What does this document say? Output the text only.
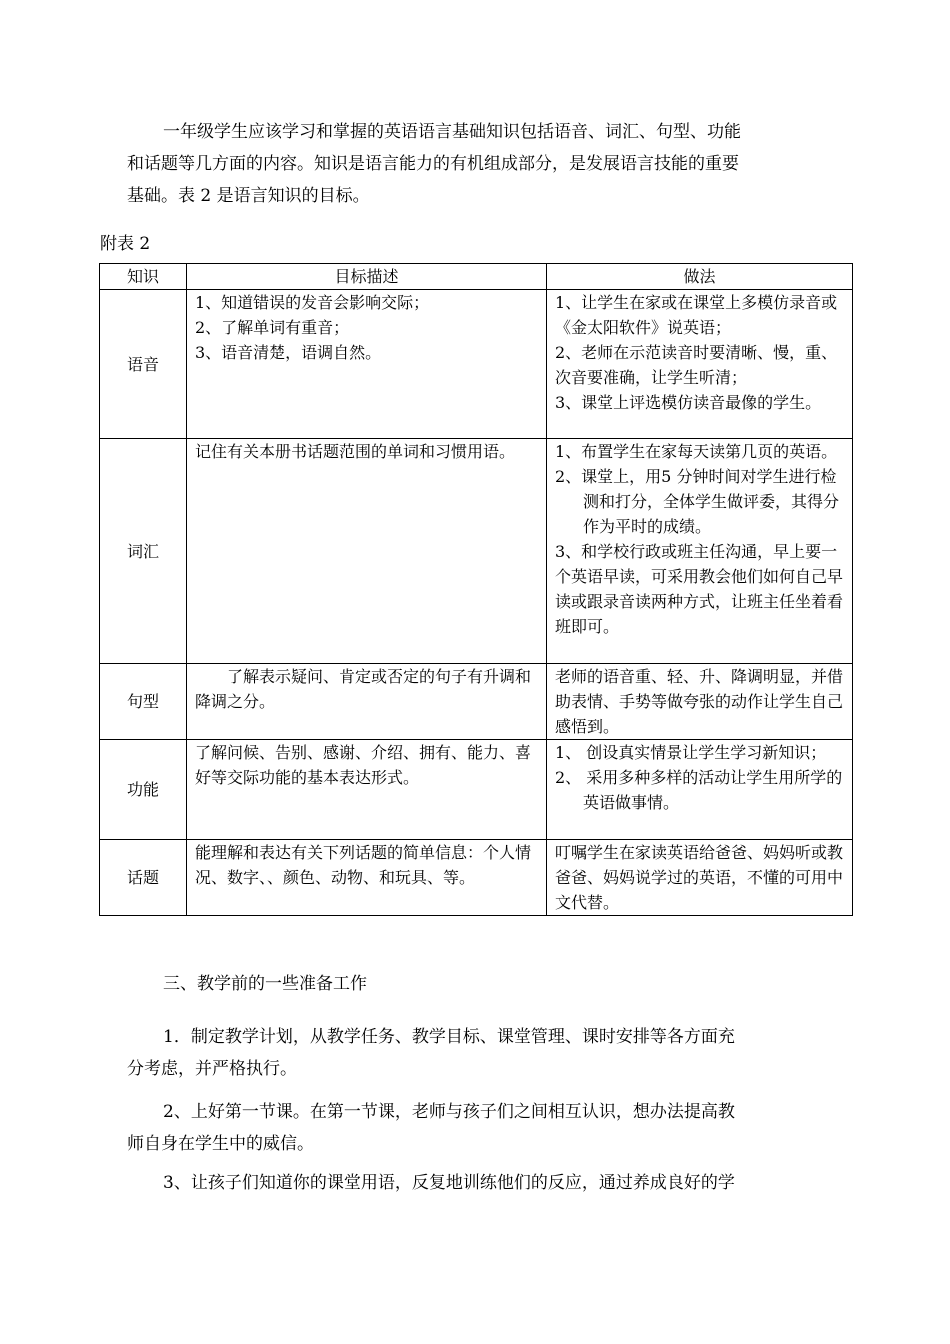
一年级学生应该学习和掌握的英语语言基础知识包括语音、词汇、句型、功能
和话题等几方面的内容。知识是语言能力的有机组成部分，是发展语言技能的重要
基础。表 2 是语言知识的目标。

附表 2

知识	目标描述	做法
语音	1、知道错误的发音会影响交际；
2、了解单词有重音；
3、语音清楚，语调自然。	1、让学生在家或在课堂上多模仿录音或《金太阳软件》说英语；
2、老师在示范读音时要清晰、慢，重、次音要准确，让学生听清；
3、课堂上评选模仿读音最像的学生。

词汇	记住有关本册书话题范围的单词和习惯用语。	1、布置学生在家每天读第几页的英语。
2、课堂上，用5 分钟时间对学生进行检测和打分，全体学生做评委，其得分作为平时的成绩。
3、和学校行政或班主任沟通，早上要一个英语早读，可采用教会他们如何自己早读或跟录音读两种方式，让班主任坐着看班即可。

句型	了解表示疑问、肯定或否定的句子有升调和降调之分。	老师的语音重、轻、升、降调明显，并借助表情、手势等做夸张的动作让学生自己感悟到。

功能	了解问候、告别、感谢、介绍、拥有、能力、喜好等交际功能的基本表达形式。	1、 创设真实情景让学生学习新知识；
2、 采用多种多样的活动让学生用所学的英语做事情。

话题	能理解和表达有关下列话题的简单信息：个人情况、数字、、颜色、动物、和玩具、等。	叮嘱学生在家读英语给爸爸、妈妈听或教爸爸、妈妈说学过的英语，不懂的可用中文代替。

三、教学前的一些准备工作

1．制定教学计划，从教学任务、教学目标、课堂管理、课时安排等各方面充
分考虑，并严格执行。

2、上好第一节课。在第一节课，老师与孩子们之间相互认识，想办法提高教
师自身在学生中的威信。

3、让孩子们知道你的课堂用语，反复地训练他们的反应，通过养成良好的学
